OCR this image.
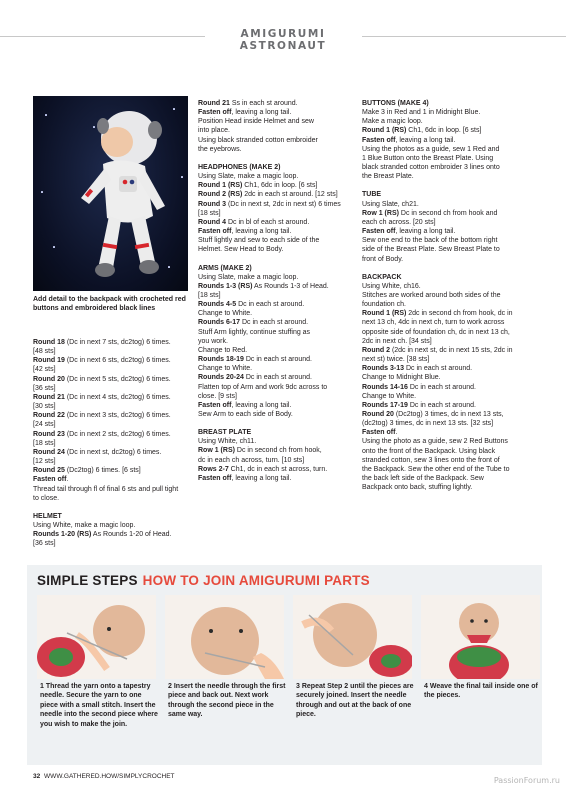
AMIGURUMI ASTRONAUT
Add detail to the backpack with crocheted red buttons and embroidered black lines

Round 18 (Dc in next 7 sts, dc2tog) 6 times.

[48 sts]

Round 19 (Dc in next 6 sts, dc2tog) 6 times.

[42 sts]

Round 20 (Dc in next 5 sts, dc2tog) 6 times.

[36 sts]

Round 21 (Dc in next 4 sts, dc2tog) 6 times.

[30 sts]

Round 22 (Dc in next 3 sts, dc2tog) 6 times.

[24 sts]

Round 23 (Dc in next 2 sts, dc2tog) 6 times.

[18 sts]

Round 24 (Dc in next st, dc2tog) 6 times.

[12 sts]

Round 25 (Dc2tog) 6 times. [6 sts]

Fasten off.

Thread tail through fl of final 6 sts and pull tight

to close.

HELMET

Using White, make a magic loop.

Rounds 1-20 (RS) As Rounds 1-20 of Head.

[36 sts]

Round 21 Ss in each st around.

Fasten off, leaving a long tail.

Position Head inside Helmet and sew

into place.

Using black stranded cotton embroider

the eyebrows.

HEADPHONES (MAKE 2)

Using Slate, make a magic loop.

Round 1 (RS) Ch1, 6dc in loop. [6 sts]

Round 2 (RS) 2dc in each st around. [12 sts]

Round 3 (Dc in next st, 2dc in next st) 6 times

[18 sts]

Round 4 Dc in bl of each st around.

Fasten off, leaving a long tail.

Stuff lightly and sew to each side of the

Helmet. Sew Head to Body.

ARMS (MAKE 2)

Using Slate, make a magic loop.

Rounds 1-3 (RS) As Rounds 1-3 of Head.

[18 sts]

Rounds 4-5 Dc in each st around.

Change to White.

Rounds 6-17 Dc in each st around.

Stuff Arm lightly, continue stuffing as

you work.

Change to Red.

Rounds 18-19 Dc in each st around.

Change to White.

Rounds 20-24 Dc in each st around.

Flatten top of Arm and work 9dc across to

close. [9 sts]

Fasten off, leaving a long tail.

Sew Arm to each side of Body.

BREAST PLATE

Using White, ch11.

Row 1 (RS) Dc in second ch from hook,

dc in each ch across, turn. [10 sts]

Rows 2-7 Ch1, dc in each st across, turn.

Fasten off, leaving a long tail.

BUTTONS (MAKE 4)

Make 3 in Red and 1 in Midnight Blue.

Make a magic loop.

Round 1 (RS) Ch1, 6dc in loop. [6 sts]

Fasten off, leaving a long tail.

Using the photos as a guide, sew 1 Red and

1 Blue Button onto the Breast Plate. Using

black stranded cotton embroider 3 lines onto

the Breast Plate.

TUBE

Using Slate, ch21.

Row 1 (RS) Dc in second ch from hook and

each ch across. [20 sts]

Fasten off, leaving a long tail.

Sew one end to the back of the bottom right

side of the Breast Plate. Sew Breast Plate to

front of Body.

BACKPACK

Using White, ch16.

Stitches are worked around both sides of the

foundation ch.

Round 1 (RS) 2dc in second ch from hook, dc in

next 13 ch, 4dc in next ch, turn to work across

opposite side of foundation ch, dc in next 13 ch,

2dc in next ch. [34 sts]

Round 2 (2dc in next st, dc in next 15 sts, 2dc in

next st) twice. [38 sts]

Rounds 3-13 Dc in each st around.

Change to Midnight Blue.

Rounds 14-16 Dc in each st around.

Change to White.

Rounds 17-19 Dc in each st around.

Round 20 (Dc2tog) 3 times, dc in next 13 sts,

(dc2tog) 3 times, dc in next 13 sts. [32 sts]

Fasten off.

Using the photo as a guide, sew 2 Red Buttons

onto the front of the Backpack. Using black

stranded cotton, sew 3 lines onto the front of

the Backpack. Sew the other end of the Tube to

the back left side of the Backpack. Sew

Backpack onto back, stuffing lightly.

SIMPLE STEPS HOW TO JOIN AMIGURUMI PARTS
1 Thread the yarn onto a tapestry needle. Secure the yarn to one piece with a small stitch. Insert the needle into the second piece where you wish to make the join.
2 Insert the needle through the first piece and back out. Next work through the second piece in the same way.
3 Repeat Step 2 until the pieces are securely joined. Insert the needle through and out at the back of one piece.
4 Weave the final tail inside one of the pieces.
32 WWW.GATHERED.HOW/SIMPLYCROCHET	PassionForum.ru
